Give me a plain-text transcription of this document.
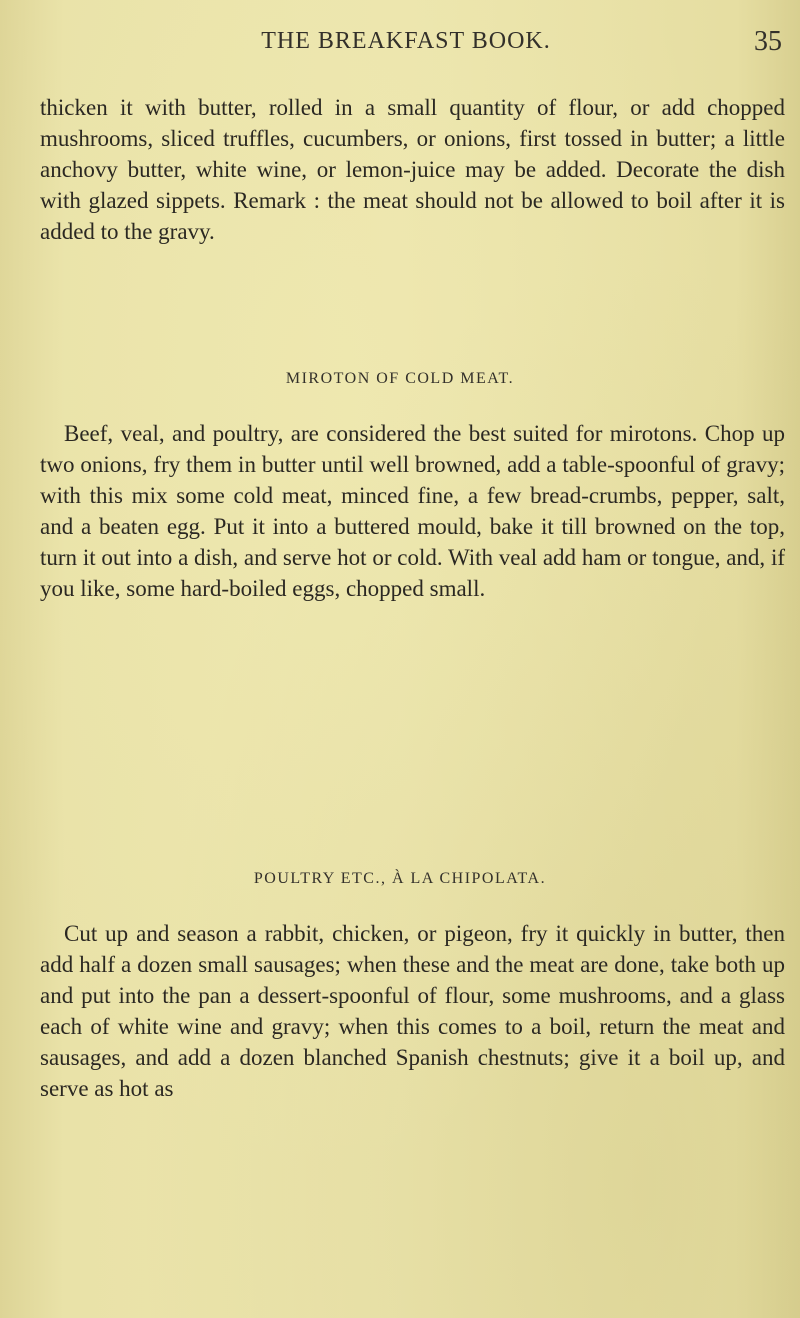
THE BREAKFAST BOOK.	35

thicken it with butter, rolled in a small quantity of flour, or add chopped mushrooms, sliced truffles, cucumbers, or onions, first tossed in butter; a little anchovy butter, white wine, or lemon-juice may be added. Decorate the dish with glazed sippets. Remark : the meat should not be allowed to boil after it is added to the gravy.

MIROTON OF COLD MEAT.

Beef, veal, and poultry, are considered the best suited for mirotons. Chop up two onions, fry them in butter until well browned, add a table-spoonful of gravy; with this mix some cold meat, minced fine, a few bread-crumbs, pepper, salt, and a beaten egg. Put it into a buttered mould, bake it till browned on the top, turn it out into a dish, and serve hot or cold. With veal add ham or tongue, and, if you like, some hard-boiled eggs, chopped small.

POULTRY ETC., À LA CHIPOLATA.

Cut up and season a rabbit, chicken, or pigeon, fry it quickly in butter, then add half a dozen small sausages; when these and the meat are done, take both up and put into the pan a dessert-spoonful of flour, some mushrooms, and a glass each of white wine and gravy; when this comes to a boil, return the meat and sausages, and add a dozen blanched Spanish chestnuts; give it a boil up, and serve as hot as
